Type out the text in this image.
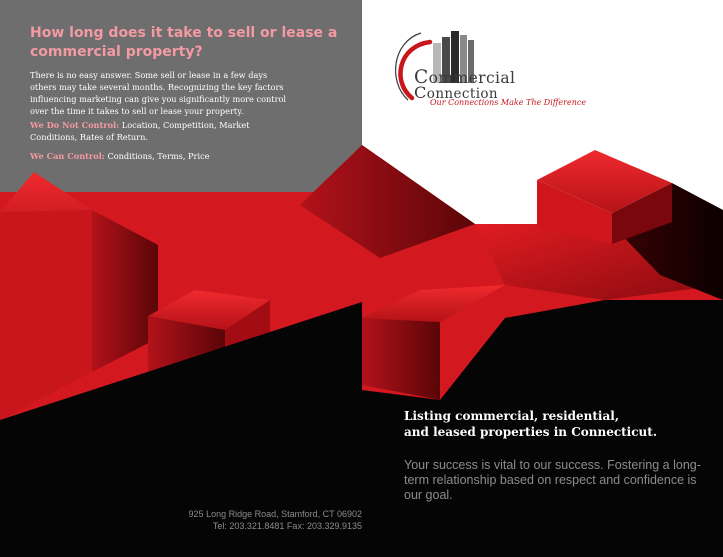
How long does it take to sell or lease a commercial property?

There is no easy answer. Some sell or lease in a few days others may take several months. Recognizing the key factors influencing marketing can give you significantly more control over the time it takes to sell or lease your property.

We Do Not Control: Location, Competition, Market Conditions, Rates of Return.

We Can Control: Conditions, Terms, Price

Commercial
Connection
Our Connections Make The Difference

Listing commercial, residential,
and leased properties in Connecticut.

Your success is vital to our success. Fostering a long-term relationship based on respect and confidence is our goal.

925 Long Ridge Road, Stamford, CT 06902
Tel: 203.321.8481 Fax: 203.329.9135
